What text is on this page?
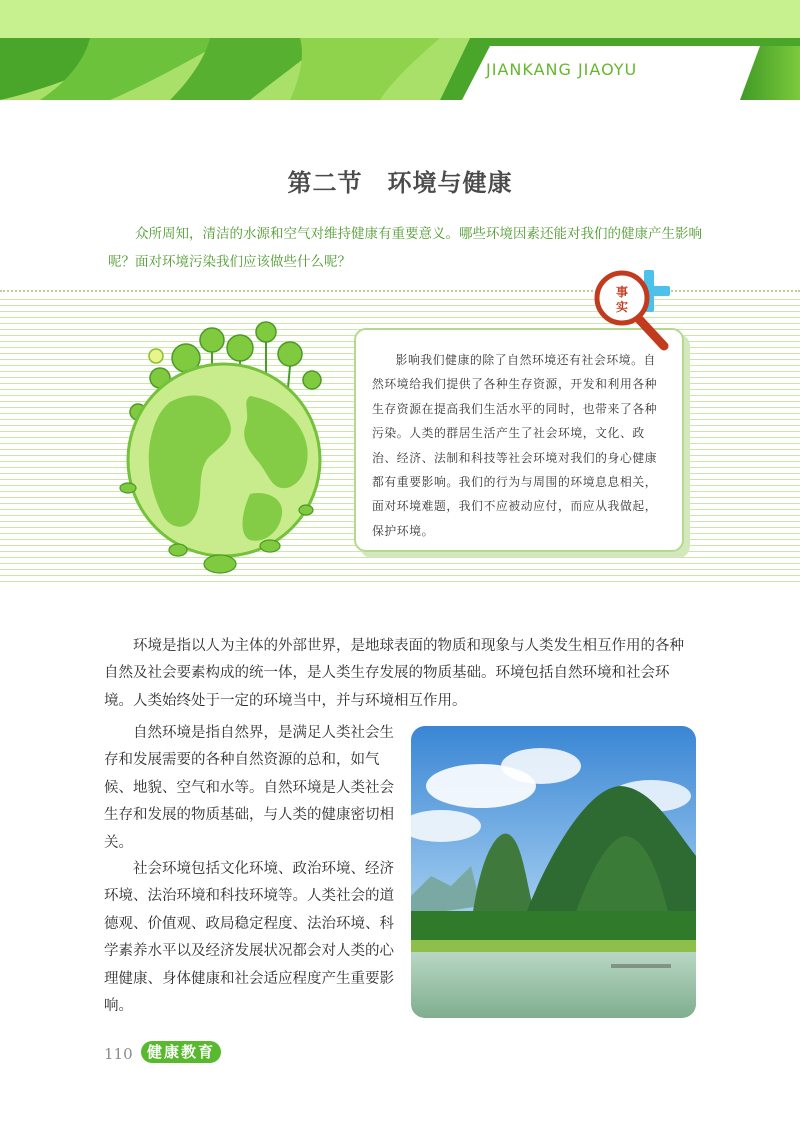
JIANKANG JIAOYU
第二节　环境与健康
众所周知，清洁的水源和空气对维持健康有重要意义。哪些环境因素还能对我们的健康产生影响呢？面对环境污染我们应该做些什么呢？
影响我们健康的除了自然环境还有社会环境。自然环境给我们提供了各种生存资源，开发和利用各种生存资源在提高我们生活水平的同时，也带来了各种污染。人类的群居生活产生了社会环境，文化、政治、经济、法制和科技等社会环境对我们的身心健康都有重要影响。我们的行为与周围的环境息息相关，面对环境难题，我们不应被动应付，而应从我做起，保护环境。
事
实
环境是指以人为主体的外部世界，是地球表面的物质和现象与人类发生相互作用的各种自然及社会要素构成的统一体，是人类生存发展的物质基础。环境包括自然环境和社会环境。人类始终处于一定的环境当中，并与环境相互作用。
自然环境是指自然界，是满足人类社会生存和发展需要的各种自然资源的总和，如气候、地貌、空气和水等。自然环境是人类社会生存和发展的物质基础，与人类的健康密切相关。
社会环境包括文化环境、政治环境、经济环境、法治环境和科技环境等。人类社会的道德观、价值观、政局稳定程度、法治环境、科学素养水平以及经济发展状况都会对人类的心理健康、身体健康和社会适应程度产生重要影响。
110 健康教育
